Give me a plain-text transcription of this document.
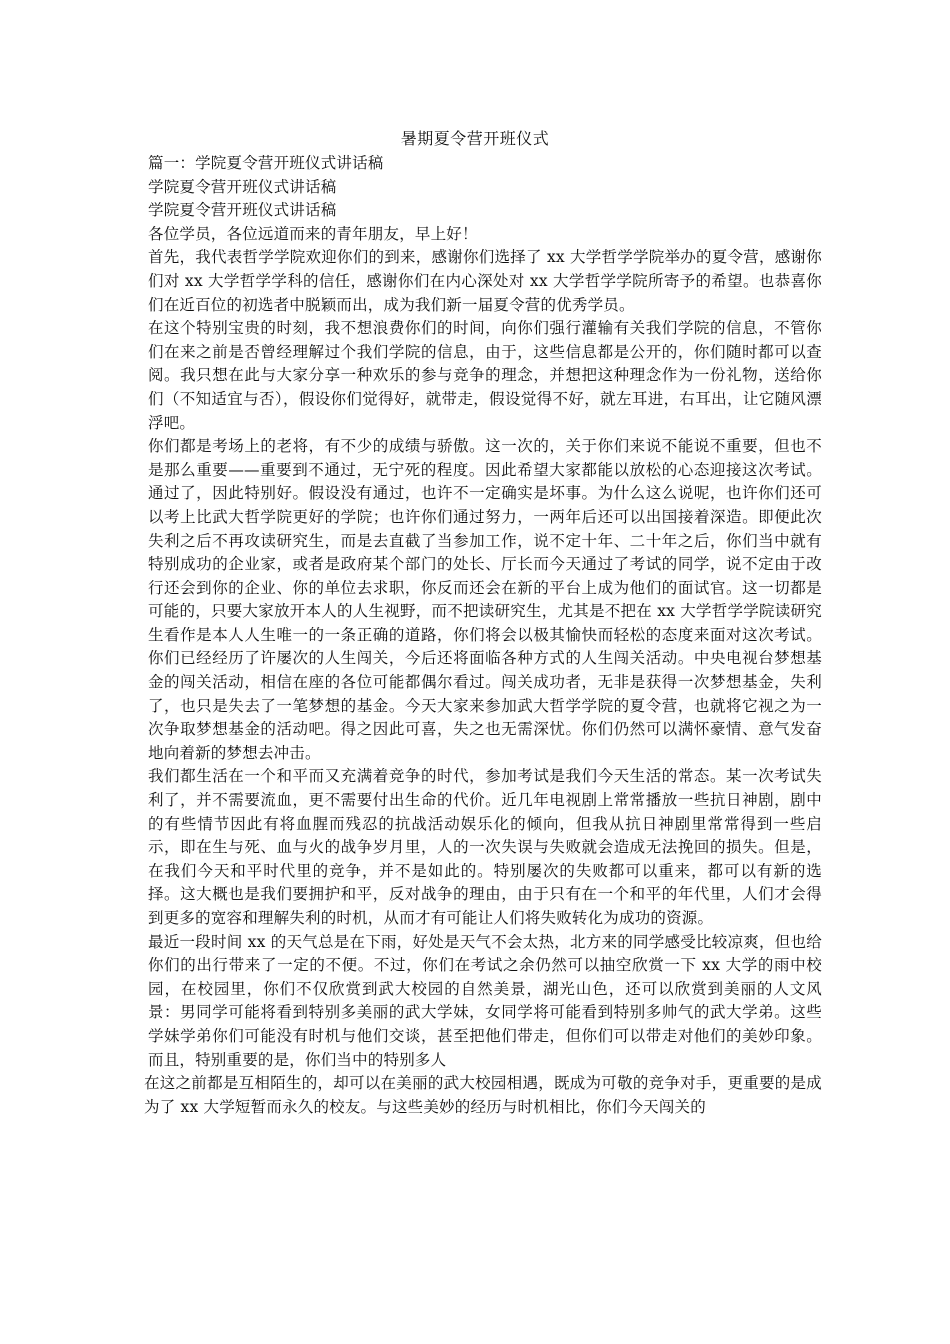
暑期夏令营开班仪式

篇一：学院夏令营开班仪式讲话稿

学院夏令营开班仪式讲话稿

学院夏令营开班仪式讲话稿

各位学员，各位远道而来的青年朋友，早上好！

首先，我代表哲学学院欢迎你们的到来，感谢你们选择了 xx 大学哲学学院举办的夏令营，感谢你们对 xx 大学哲学学科的信任，感谢你们在内心深处对 xx 大学哲学学院所寄予的希望。也恭喜你们在近百位的初选者中脱颖而出，成为我们新一届夏令营的优秀学员。

在这个特别宝贵的时刻，我不想浪费你们的时间，向你们强行灌输有关我们学院的信息，不管你们在来之前是否曾经理解过个我们学院的信息，由于，这些信息都是公开的，你们随时都可以查阅。我只想在此与大家分享一种欢乐的参与竞争的理念，并想把这种理念作为一份礼物，送给你们（不知适宜与否），假设你们觉得好，就带走，假设觉得不好，就左耳进，右耳出，让它随风漂浮吧。

你们都是考场上的老将，有不少的成绩与骄傲。这一次的，关于你们来说不能说不重要，但也不是那么重要——重要到不通过，无宁死的程度。因此希望大家都能以放松的心态迎接这次考试。通过了，因此特别好。假设没有通过，也许不一定确实是坏事。为什么这么说呢，也许你们还可以考上比武大哲学院更好的学院；也许你们通过努力，一两年后还可以出国接着深造。即便此次失利之后不再攻读研究生，而是去直截了当参加工作，说不定十年、二十年之后，你们当中就有特别成功的企业家，或者是政府某个部门的处长、厅长而今天通过了考试的同学，说不定由于改行还会到你的企业、你的单位去求职，你反而还会在新的平台上成为他们的面试官。这一切都是可能的，只要大家放开本人的人生视野，而不把读研究生，尤其是不把在 xx 大学哲学学院读研究生看作是本人人生唯一的一条正确的道路，你们将会以极其愉快而轻松的态度来面对这次考试。 你们已经经历了许屡次的人生闯关，今后还将面临各种方式的人生闯关活动。中央电视台梦想基金的闯关活动，相信在座的各位可能都偶尔看过。闯关成功者，无非是获得一次梦想基金，失利了，也只是失去了一笔梦想的基金。今天大家来参加武大哲学学院的夏令营，也就将它视之为一次争取梦想基金的活动吧。得之因此可喜，失之也无需深忧。你们仍然可以满怀豪情、意气发奋地向着新的梦想去冲击。

我们都生活在一个和平而又充满着竞争的时代，参加考试是我们今天生活的常态。某一次考试失利了，并不需要流血，更不需要付出生命的代价。近几年电视剧上常常播放一些抗日神剧，剧中的有些情节因此有将血腥而残忍的抗战活动娱乐化的倾向，但我从抗日神剧里常常得到一些启示，即在生与死、血与火的战争岁月里，人的一次失误与失败就会造成无法挽回的损失。但是，在我们今天和平时代里的竞争，并不是如此的。特别屡次的失败都可以重来，都可以有新的选择。这大概也是我们要拥护和平，反对战争的理由，由于只有在一个和平的年代里，人们才会得到更多的宽容和理解失利的时机，从而才有可能让人们将失败转化为成功的资源。

最近一段时间 xx 的天气总是在下雨，好处是天气不会太热，北方来的同学感受比较凉爽，但也给你们的出行带来了一定的不便。不过，你们在考试之余仍然可以抽空欣赏一下 xx 大学的雨中校园，在校园里，你们不仅欣赏到武大校园的自然美景，湖光山色，还可以欣赏到美丽的人文风景：男同学可能将看到特别多美丽的武大学妹，女同学将可能看到特别多帅气的武大学弟。这些学妹学弟你们可能没有时机与他们交谈，甚至把他们带走，但你们可以带走对他们的美妙印象。而且，特别重要的是，你们当中的特别多人

在这之前都是互相陌生的，却可以在美丽的武大校园相遇，既成为可敬的竞争对手，更重要的是成为了 xx 大学短暂而永久的校友。与这些美妙的经历与时机相比，你们今天闯关的
